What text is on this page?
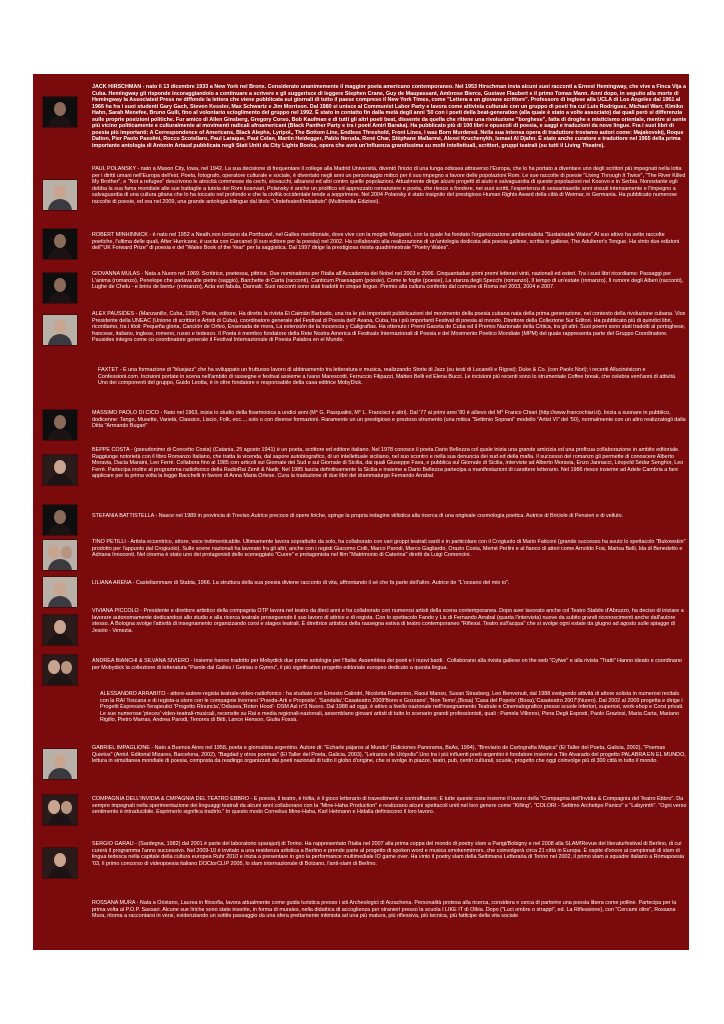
JACK HIRSCHMAN - nato il 13 dicembre 1933 a New York nel Bronx. Considerato unanimemente il maggior poeta americano contemporaneo. Nel 1953 Hirschman invia alcuni suoi racconti a Ernest Hemingway, che vive a Finca Vija a Cuba. Hemingway gli risponde incoraggiandolo a continuare a scrivere e gli suggerisce di leggere Stephen Crane, Guy de Maupassant, Ambrose Bierce, Gustave Flaubert e il primo Tomas Mann. Anni dopo, in seguito alla morte di Hemingway la Associated Press ne diffonde la lettera che viene pubblicata sui giornali di tutto il paese compreso il New York Times, come "Lettera a un giovane scrittore". Professore di inglese alla UCLA di Los Angeles dal 1961 al 1966 ha fra i suoi studenti Gary Gach, Steven Kessler, Max Schwartz e Jim Morrison. Dal 1980 si unisce al Communist Labor Party e lavora come attivista culturale con un gruppo di poeti fra cui Luis Rodriguez, Michael Warr, Kimiko Hahn, Sarah Menefee, Bruno Gulli, fino al volontario scioglimento del gruppo nel 1992. È stato in contatto fin dalla metà degli anni '50 con i poeti della beat-generation (alla quale è stato a volte associato) dai quali però si differenzia sulle proprie posizioni politiche. Fur amico di Allen Ginsberg, Gregory Corso, Bob Kaufman e di tutti gli altri poeti beat, dissente da quella che ritiene una rivoluzione "borghese", fatta di droghe e misticismo orientale, mentre si sente più vicino politicamente e culturalmente ai movimenti radicali afroamericani (Black Panther Party e tra i poeti Amiri Baraka). Ha pubblicato più di 100 libri e opuscoli di poesia, e saggi e traduzioni da nove lingue. Fra i suoi libri di poesia più importanti: A Correspondence of Americans, Black Alephs, Lyripol,, The Bottom Line, Endless Threshold, Front Lines, I was Born Murdered. Nella sua intensa opera di traduttore troviamo autori come: Majakovskij, Roque Dalton, Pier Paolo Pasolini, Rocco Scotellaro, Paul Laraque, Paul Celan, Martin Heidegger, Pablo Neruda, René Char, Stéphane Mallarmé, Alexei Kruchenykh, Ismael Al Djafer. È stato anche curatore e traduttore nel 1965 della prima importante antologia di Antonin Artaud pubblicata negli Stati Uniti da City Lights Books, opera che avrà un'influenza grandissima su molti intellettuali, scrittori, gruppi teatrali (su tutti il Living Theatre).

PAUL POLANSKY - nato a Mason City, Iowa, nel 1942. La sua decisione di frequentare il college alla Madrid Università, diventò l'inizio di una lunga odissea attraverso l'Europa, che lo ha portato a diventare uno degli scrittori più impegnati nella lotta per i diritti umani nell'Europa dell'est. Poeta, fotografo, operatore culturale e sociale, è diventato negli anni un personaggio mitico per il suo impegno a favore delle popolazioni Rom. Le sue raccolte di poesie "Living Through It Twice", "The River Killed My Brother", e "Not a refugee" descrivono le atrocità commesse da cechi, slovacchi, albanesi ed altri contro quelle popolazioni. Attualmente dirige alcuni progetti di aiuto e salvaguardia di queste popolazioni nel Kosovo e in Serbia. Nonostante egli debba la sua fama mondiale alle sue battaglie a tutela dei Rom kosovari, Polansky è anche un prolifico ed apprezzato romanziere e poeta, che riesce a fondere, nei suoi scritti, l'esperienza di sessantasette anni vissuti intensamente e l'impegno a salvaguardia di una cultura gitana che lo ha toccato nel profondo e che la civiltà occidentale tende a sopprimere. Nel 2004 Polansky è stato insignito del prestigioso Human Rights Award della città di Weimar, in Germania. Ha pubblicato numerose raccolte di poesie, ed ora nel 2009, una grande antologia bilingue dal titolo "Undefeated/Imbattuto" (Multimedia Edizioni).

ROBERT MINHINNICK - è nato nel 1952 a Neath,non lontano da Porthcawl, nel Galles meridionale, dove vive con la moglie Margaret, con la quale ha fondato l'organizzazione ambientalista "Sustainable Wales" Al suo attivo ha sette raccolte poetiche, l'ultima delle quali, After Hurricane, è uscita con Carcanet (il suo editore per la poesia) nel 2002. Ha collaborato alla realizzazione di un'antologia dedicata alla poesia gallese, scritta in gallese, The Adulterer's Tongue. Ha vinto due edizioni dell'"UK Forward Prize" di poesia e del "Wales Book of the Year" per la saggistica. Dal 1997 dirige la prestigiosa rivista quadrimestrale "Poetry Wales".

GIOVANNA MULAS - Nata a Nuoro nel 1969. Scrittrice, poetessa, pittrice. Due nominations per l'Italia all'Accademia dei Nobel nel 2003 e 2006. Cinquantadue primi premi letterari vinti, nazionali ed esteri. Tra i suoi libri ricordiamo: Passaggi per L'anima (romanzo), Penelope che parlava alle pietre (saggio), Barchette di Carta (racconti), Canticum Praesagum (poesie), Come le foglie (poesie), La stanza degli Specchi (romanzo), Il tempo di un'estate (romanzo), Il rumore degli Alberi (racconti), Lughe de Chelu - e brinu de bentu- (romanzo), Acta est fabula, Dannati. Suoi racconti sono stati tradotti in cinque lingue. Premio alla cultura conferito dal comune di Roma nel 2003, 2004 e 2007.

ALEX PAUSIDES - (Manzanillo, Cuba, 1950). Poeta, editore. Ha diretto la rivista El Caimán Barbudo, una tra le più importanti pubblicazioni del movimento della poesia cubana nata della prima generazione, nel contesto della rivoluzione cubana. Vice Presidente della UNEAC (Unione di scrittori e Artisti di Cuba), coordinatore generale del Festival di Poesia dell' Avana, Cuba, tra i più importanti Festival di poesia al mondo. Direttore della Collezione Sur Editori. Ha pubblicato più di quindici libri, ricordiamo, tra i titoli: Pequeña gloria, Canción de Orfeo, Ensenada de mora, La extensión de la inocencia y Caligrafías. Ha ottenuto i Premi Gaceta de Cuba ed il Premio Nazionale della Critica, tra gli altri. Suoi poemi sono stati tradotti al portoghese, francese, italiano, inglese, romeno, russo e tedesco. Il Poeta è membro fondatore della Rete Nostra America di Festivals Internazionali di Poesia e del Movimento Poetico Mondiale (MPM) del quale rappresenta parte del Gruppo Coordinatore. Pausides integra come co-coordinatore generale il Festival Internazionale di Poesia Palabra en el Mundo.

FAXTET - È una formazione di "bluejazz" che ha sviluppato un fruttuoso lavoro di abbinamento tra letteratura e musica, realizzando Storie di Jazz (su testi di Lucarelli e Rigosi); Duke & Co. (con Paolo Nori); i recenti Allucinésicon e Confessioni.com. Incisioni portate in scena nell'ambito di rassegne e festival assieme a Ivano Marescotti, Ferruccio Filipazzi, Matteo Belli ed Elena Bucci. Le incisioni più recenti sono lo strumentale Coffee break, che celebra vent'anni di attività. Uno dei componenti del gruppo, Guido Leotta, è in oltre fondatore e responsabile della casa editrice MobyDick.

MASSIMO PAOLO DI CICO - Nato nel 1963, inizia lo studio della fisarmonica a undici anni (M° G. Pasqualini, M° L. Francisci e altri). Dal '77 ai primi anni '80 è allievo del M° Franco Chiari (http://www.francochiari.it). Inizia a suonare in pubblico, dodicenne: Tango, Musette, Varietà, Classico, Liscio, Folk, ecc..., solo o con diverse formazioni. Raramente un un prestigioso e prezioso strumento (una mitica "Settimio Soprani" modello "Artist VI" del '50), normalmente con un altro realizzatogli dalla Ditta "Armando Bugari"

BEPPE COSTA - (pseudonimo di Concetto Costa) (Catania, 25 agosto 1941) è un poeta, scrittore ed editore italiano. Nel 1978 conosce il poeta Dario Bellezza col quale inizia una grande amicizia ed una proficua collaborazione in ambito editoriale. Raggiunge notorietà con il libro Romanzo Italiano, che tratta la vicenda, dal sapore autobiografico, di un intellettuale siciliano, nel suo scontro e nella sua denuncia dei sud ed della mafia. Il successo del romanzo gli permette di conoscere Alberto Moravia, Dacia Maraini, Leo Ferrè. Collabora fino al 1985 con articoli sul Giornale del Sud e sui Giornale di Sicilia, dai quali Giuseppe Fava, e pubblica sul Giornale di Sicilia, interviste ad Alberto Moravia, Enzo Jannacci, Léopold Sédar Senghor, Leo Ferrè. Partecipa inoltre al programma radiofonico della RadioRai Zenit & Nadir. Nel 1985 lascia definitivamente la Sicilia e insieme a Dario Bellezza partecipa a manifestazioni di carattere letterario. Nel 1986 riesce insieme ad Adele Cambria a fare applicare per la prima volta la legge Bacchelli in favore di Anna Maria Ortese. Cura la traduzione di due libri del drammaturgo Fernando Arrabal.

STEFANIA BATTISTELLA - Nasce nel 1989 in provincia di Treviso.Autrice precoce di opere liriche, spinge la propria indagine stilistica alla ricerca di una originale cosmologia poetica. Autrice di Briciole di Pensieri e di velluto.

TINO PETILLI - Artista eccentrico, attore, voce indimenticabile. Ultimamente lavora soprattutto da solo, ha collaborato con vari gruppi teatrali sardi e in particolare con il Crogiuolo di Mario Faticoni (grande successo ha avuto lo spettacolo "Bukowskin" prodotto per l'appunto dal Crogiuolo). Sulle scene nazionali ha lavorato fra gli altri, anche con i registi Giacomo Colli, Marco Parodi, Marco Gagliardo, Orazio Costa, Memè Perlini e al fianco di attori come Arnoldo Foà, Marisa Belli, Ida di Benedetto e Adriana Innocenti. Nel cinema è stato uno dei protagonisti dello sceneggiato "Cuore" e protagonista nel film "Matrimonio di Caterina" diretti da Luigi Comencini.

LILIANA ARENA - Castellammare di Stabia, 1966. La struttura della sua poesia diviene racconto di vita, affrontando il sé che fa parte dell'altro. Autrice de "L'oceano del mio io".

VIVIANA PICCOLO - Presidente e direttore artistico della compagnia OTP lavora nel teatro da dieci anni e ha collaborato con numerosi artisti della scena contemporanea. Dopo aver lavorato anche col Teatro Stabile d'Abruzzo, ha deciso di iniziare a lavorare autonomamente dedicandosi allo studio e alla ricerca teatrale proseguendo il suo lavoro di attrice e di regista. Con lo spettacolo Fando y Lis di Fernando Arrabal (quarta l'intervista) nuove da subito grandi riconoscimenti anche dall'autore stesso. A Bologna svolge l'attività di insegnamento organizzando corsi e stages teatrali. È direttrice artistica della rassegna estiva di teatro contemporaneo "Riflessi. Teatro sull'acqua" che si svolge ogni estate da giugno ad agosto sulle spiagge di Jesolo - Venezia.

ANDREA BIANCHI & SILVANA SIVIERO - Insieme hanno tradotto per Mobydick due prime antologie per l'Italia: Assemblea dei poeti e I nuovi bardi . Collaborano alla rivista gallese on the web "Cyfwe" e alla rivista "Tratti" Hanno ideato e coordinano per Mobydick la collezione di letteratura "Parole dal Galles / Geiriau o Gymru", il più significativo progetto editoriale europeo dedicato a questa lingua.

ALESSANDRO ARRABITO - attore-autore-regista teatrale-video-radiofonico : ha studiato con Ernesto Calindri, Nicoletta Ramorino, Raoul Manso, Susan Strasberg, Leo Benvenuti, dal 1988 svolgendo attività di attore solista in numerosi recitals con la RAI Toscana e di regista-a utore con le compagnie livornesi 'Pravda-Arti e Proposte', 'Sandalia','Casateatro 2009'Bono e Gozzano', 'Non Temo',(Bosa) 'Casa del Popolo' (Bosa),'Casateatro 2007'(Nuoro). Dal 2002 al 2009 progetta e dirige i Progetti Espressivi-Terapeutici 'Progetto Rinuncia','Odissea,'Roten Hood'- DSM Asl n°3 Nuoro. Dal 1988 ad oggi, è attivo a livello nazionale nell'insegnamento Teatrale e Cinematografico presso scuole inferiori, superiori, work-shop e Corsi privati. Le sue numerose 'pieces' video-teatrali-musicali, recensite su Rai e media regionali-nazionali, assemblano giovani artisti di tutto lo scenario grandi professionisti, quali : Pamela Villoresi, Piera Degli Esposti, Paolo Graziosi, Maria Carta, Mariano Rigillo, Pietro Marras, Andrea Parodi, Tenores di Bitti, Lance Henson, Giulia Fossà.

GABRIEL IMPAGLIONE - Nato a Buenos Aires nel 1958, poeta e giornalista argentino. Autore di: "Echarle pájaros al Mundo" (Ediciones Panorama, BsAs, 1994), "Breviario de Cartografía Mágica" (El Taller del Poeta, Galicia, 2002), "Poemas Quietos" (Antol. Editorial Mizares, Barcelona, 2002), "Bagdad y otros poemas" (El Taller del Poeta, Galicia, 2003), "Letrarios de Utópolis".Uno tra i più influenti poeti argentini è fondatore insieme a Tito Alvarado del progetto PALABRA EN EL MUNDO, lettura in simultanea mondiale di poesia, composta da readings organizzati dai poeti nazionali di tutto il globo d'origine, che si svolge in piazze, teatri, pub, centri culturali, scuole, progetto che oggi coinvolge più di 300 città in tutto il mondo.

COMPAGNIA DELL'INVIDIA & CMPAGNIA DEL TEATRO EBBRO - È poesia, il teatro, è follia, è il gioco letterario di travestimenti e contraffazioni. È tutte queste cose insieme il lavoro della "Compagnia dell'Invidia & Compagnia del Teatro Ebbro". Da sempre impegnati nella sperimentazione dei linguaggi teatrali da alcuni anni collaborano con la "Mine-Haha Production" e realizzano alcuni spettacoli uniti nel loro genere come "Killing", "COLORI - Settimo Archetipo Panico" e "Labyrinth". "Ogni verso sentimento è intraducibile. Esprimerlo significa tradirlo." In questo modo Cornelius Mine-Haha, Karl Hetmann e Hidalla definiscono il loro lavoro.

SERGIO GARAU - (Sardegna, 1982) dal 2001 è parte del laboratorio sparajurij di Torino. Ha rappresentato l'Italia nel 2007 alla prima coppa del mondo di poetry slam a Parigi/Bobigny e nel 2008 alla SLAM!Revue del literaturfestival di Berlino, di cui curerà il programma l'anno successivo. Nel 2009-10 è invitato a una residenza artistica a Berlino e prende parte al progetto di spoken word e musica smokenmirrors, che coinvolgerà circa 21 città in Europa. È ospite d'onore ai campionati di slam di lingua tedesca nella capitale della cultura europea Ruhr 2010 e inizia a presentare in giro la performance multimediale IO game over. Ha vinto il poetry slam della Settimana Letteraria di Torino nel 2002, il primo slam a squadre italiano a Romapoesia '03, il primo concorso di videopoesia italiano DOCtorCLIP 2005, lo slam internazionale di Bolzano, l'anti-slam di Berlino.

ROSSANA MURA - Nata a Oristano, Laurea in filosofia, lavora attualmente come guida turistica presso i siti Archeologici di Arzachena. Personalità protesa alla ricerca, considera e cerca di partorire una poesia libera come polline. Partecipa per la prima volta al P.O.P. Sassari. Alcune sue liriche sono state inserite, in forma di murales, nella didattica di accoglienza per stranieri presso la scuola I LIKE IT di Olbia. Dopo ("Luci ombre o strappi", ed. La Riflessione), con "Cercami oltre", Rossana Mura, ritorna a raccontarsi in versi, evidenziando un sottile passaggio da una sfera prettamente intimista ad una più matura, più riflessiva, più tecnica, più fatticipe della vita sociale
